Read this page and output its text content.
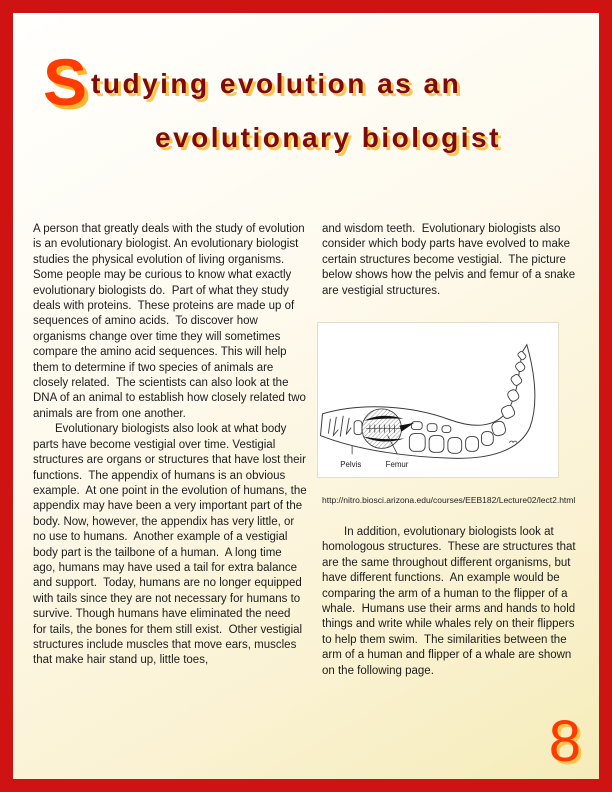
S tudying evolution as an
evolutionary biologist

A person that greatly deals with the study of evolution is an evolutionary biologist. An evolutionary biologist studies the physical evolution of living organisms.  Some people may be curious to know what exactly evolutionary biologists do.  Part of what they study deals with proteins.  These proteins are made up of sequences of amino acids.  To discover how organisms change over time they will sometimes compare the amino acid sequences. This will help them to determine if two species of animals are closely related.  The scientists can also look at the DNA of an animal to establish how closely related two animals are from one another.

Evolutionary biologists also look at what body parts have become vestigial over time. Vestigial structures are organs or structures that have lost their functions.  The appendix of humans is an obvious example.  At one point in the evolution of humans, the appendix may have been a very important part of the body. Now, however, the appendix has very little, or no use to humans.  Another example of a vestigial body part is the tailbone of a human.  A long time ago, humans may have used a tail for extra balance and support.  Today, humans are no longer equipped with tails since they are not necessary for humans to survive. Though humans have eliminated the need for tails, the bones for them still exist.  Other vestigial structures include muscles that move ears, muscles that make hair stand up, little toes,

and wisdom teeth.  Evolutionary biologists also consider which body parts have evolved to make certain structures become vestigial.  The picture below shows how the pelvis and femur of a snake are vestigial structures.

Pelvis	Femur
http://nitro.biosci.arizona.edu/courses/EEB182/Lecture02/lect2.html

In addition, evolutionary biologists look at homologous structures.  These are structures that are the same throughout different organisms, but have different functions.  An example would be comparing the arm of a human to the flipper of a whale.  Humans use their arms and hands to hold things and write while whales rely on their flippers to help them swim.  The similarities between the arm of a human and flipper of a whale are shown on the following page.

8
